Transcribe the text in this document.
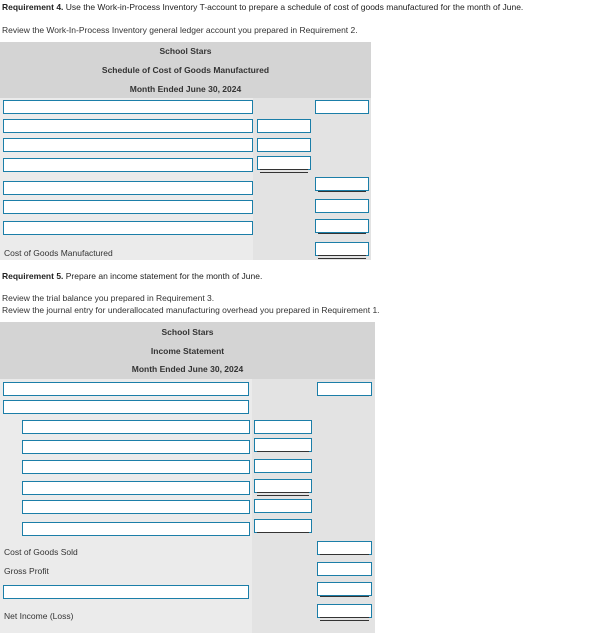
Requirement 4. Use the Work-in-Process Inventory T-account to prepare a schedule of cost of goods manufactured for the month of June.
Review the Work-In-Process Inventory general ledger account you prepared in Requirement 2.
School Stars
Schedule of Cost of Goods Manufactured
Month Ended June 30, 2024
Cost of Goods Manufactured
Requirement 5. Prepare an income statement for the month of June.
Review the trial balance you prepared in Requirement 3.
Review the journal entry for underallocated manufacturing overhead you prepared in Requirement 1.
School Stars
Income Statement
Month Ended June 30, 2024
Cost of Goods Sold
Gross Profit
Net Income (Loss)
